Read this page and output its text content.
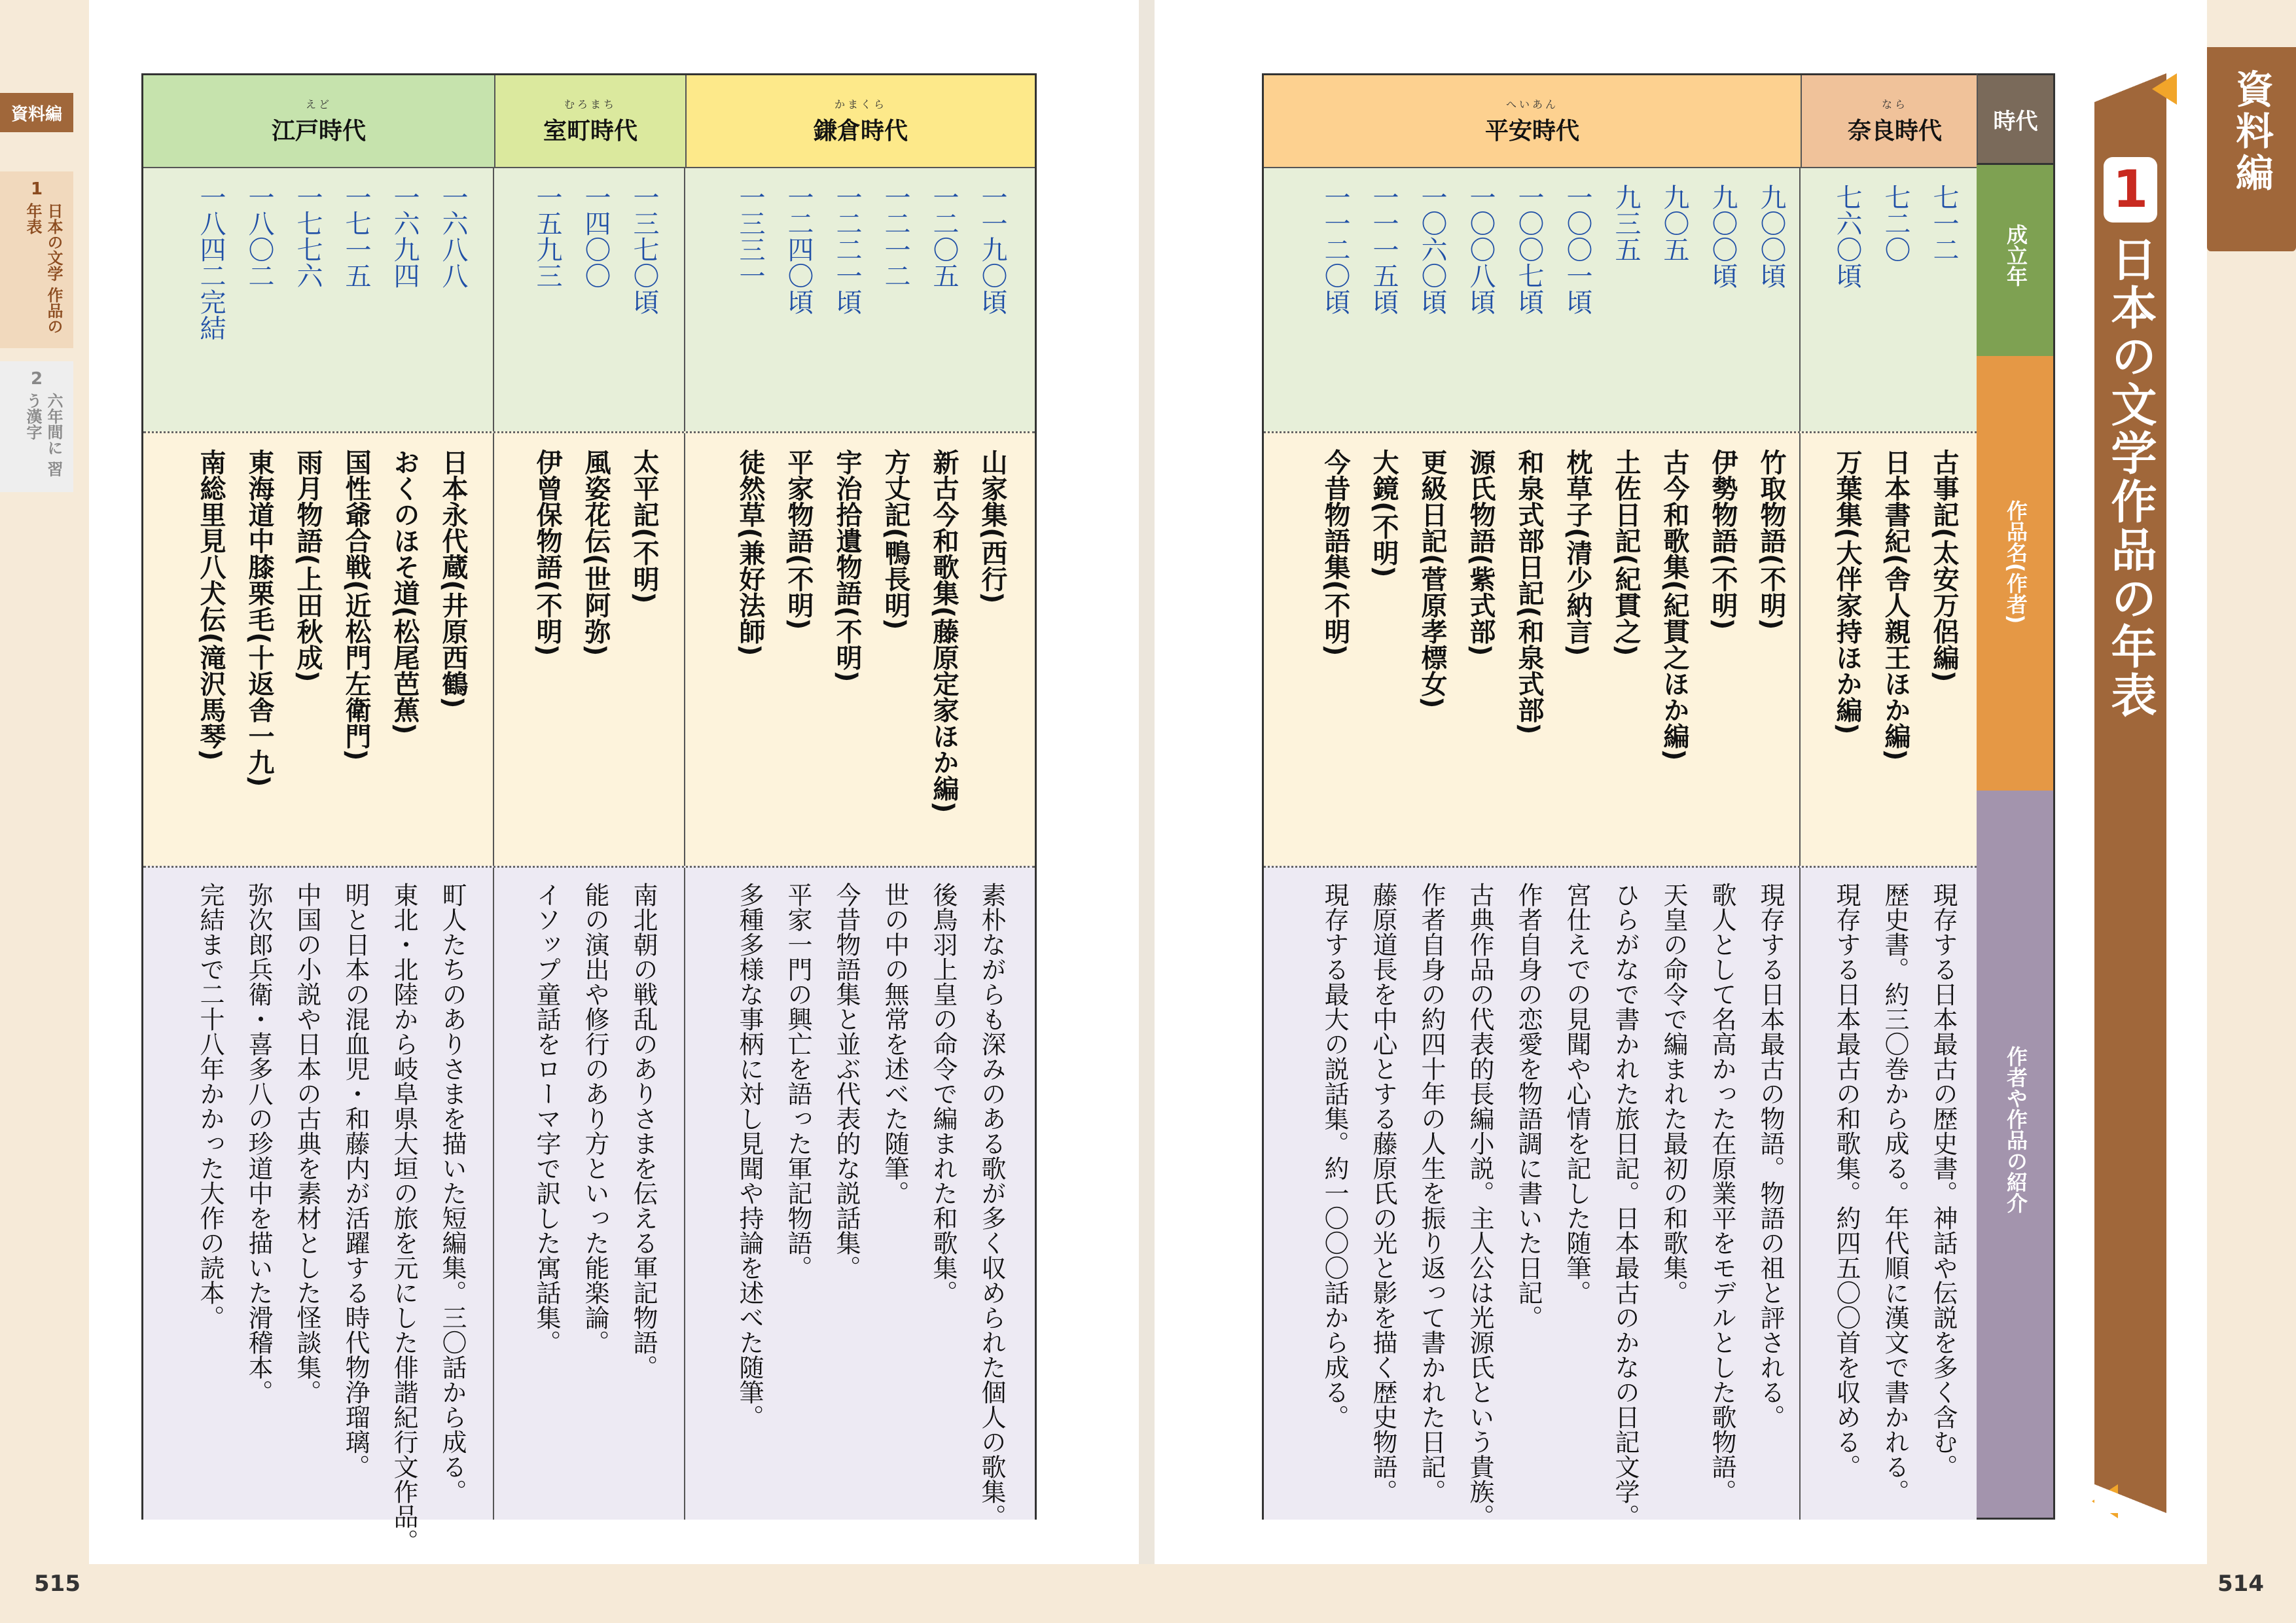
資料編
1
日本の文学 作品の年表
2
六年間に 習う漢字
資料編
1
日本の文学作品の年表
へいあん
平安時代
なら
奈良時代
七一二
七二〇
七六〇頃
九〇〇頃
九〇〇頃
九〇五
九三五
一〇〇一頃
一〇〇七頃
一〇〇八頃
一〇六〇頃
一一一五頃
一一二〇頃
古事記(太安万侶編)
日本書紀(舎人親王ほか編)
万葉集(大伴家持ほか編)
竹取物語(不明)
伊勢物語(不明)
古今和歌集(紀貫之ほか編)
土佐日記(紀貫之)
枕草子(清少納言)
和泉式部日記(和泉式部)
源氏物語(紫式部)
更級日記(菅原孝標女)
大鏡(不明)
今昔物語集(不明)
現存する日本最古の歴史書。神話や伝説を多く含む。
歴史書。約三〇巻から成る。年代順に漢文で書かれる。
現存する日本最古の和歌集。約四五〇〇首を収める。
現存する日本最古の物語。物語の祖と評される。
歌人として名高かった在原業平をモデルとした歌物語。
天皇の命令で編まれた最初の和歌集。
ひらがなで書かれた旅日記。日本最古のかなの日記文学。
宮仕えでの見聞や心情を記した随筆。
作者自身の恋愛を物語調に書いた日記。
古典作品の代表的長編小説。主人公は光源氏という貴族。
作者自身の約四十年の人生を振り返って書かれた日記。
藤原道長を中心とする藤原氏の光と影を描く歴史物語。
現存する最大の説話集。約一〇〇〇話から成る。
時代
成立年
作品名(作者)
作者や作品の紹介
えど
江戸時代
むろまち
室町時代
かまくら
鎌倉時代
一一九〇頃
一二〇五
一二一二
一二二一頃
一二四〇頃
一三三一
一三七〇頃
一四〇〇
一五九三
一六八八
一六九四
一七一五
一七七六
一八〇二
一八四二完結
山家集(西行)
新古今和歌集(藤原定家ほか編)
方丈記(鴨長明)
宇治拾遺物語(不明)
平家物語(不明)
徒然草(兼好法師)
太平記(不明)
風姿花伝(世阿弥)
伊曾保物語(不明)
日本永代蔵(井原西鶴)
おくのほそ道(松尾芭蕉)
国性爺合戦(近松門左衛門)
雨月物語(上田秋成)
東海道中膝栗毛(十返舎一九)
南総里見八犬伝(滝沢馬琴)
素朴ながらも深みのある歌が多く収められた個人の歌集。
後鳥羽上皇の命令で編まれた和歌集。
世の中の無常を述べた随筆。
今昔物語集と並ぶ代表的な説話集。
平家一門の興亡を語った軍記物語。
多種多様な事柄に対し見聞や持論を述べた随筆。
南北朝の戦乱のありさまを伝える軍記物語。
能の演出や修行のあり方といった能楽論。
イソップ童話をローマ字で訳した寓話集。
町人たちのありさまを描いた短編集。三〇話から成る。
東北・北陸から岐阜県大垣の旅を元にした俳諧紀行文作品。
明と日本の混血児・和藤内が活躍する時代物浄瑠璃。
中国の小説や日本の古典を素材とした怪談集。
弥次郎兵衛・喜多八の珍道中を描いた滑稽本。
完結まで二十八年かかった大作の読本。
515	514
